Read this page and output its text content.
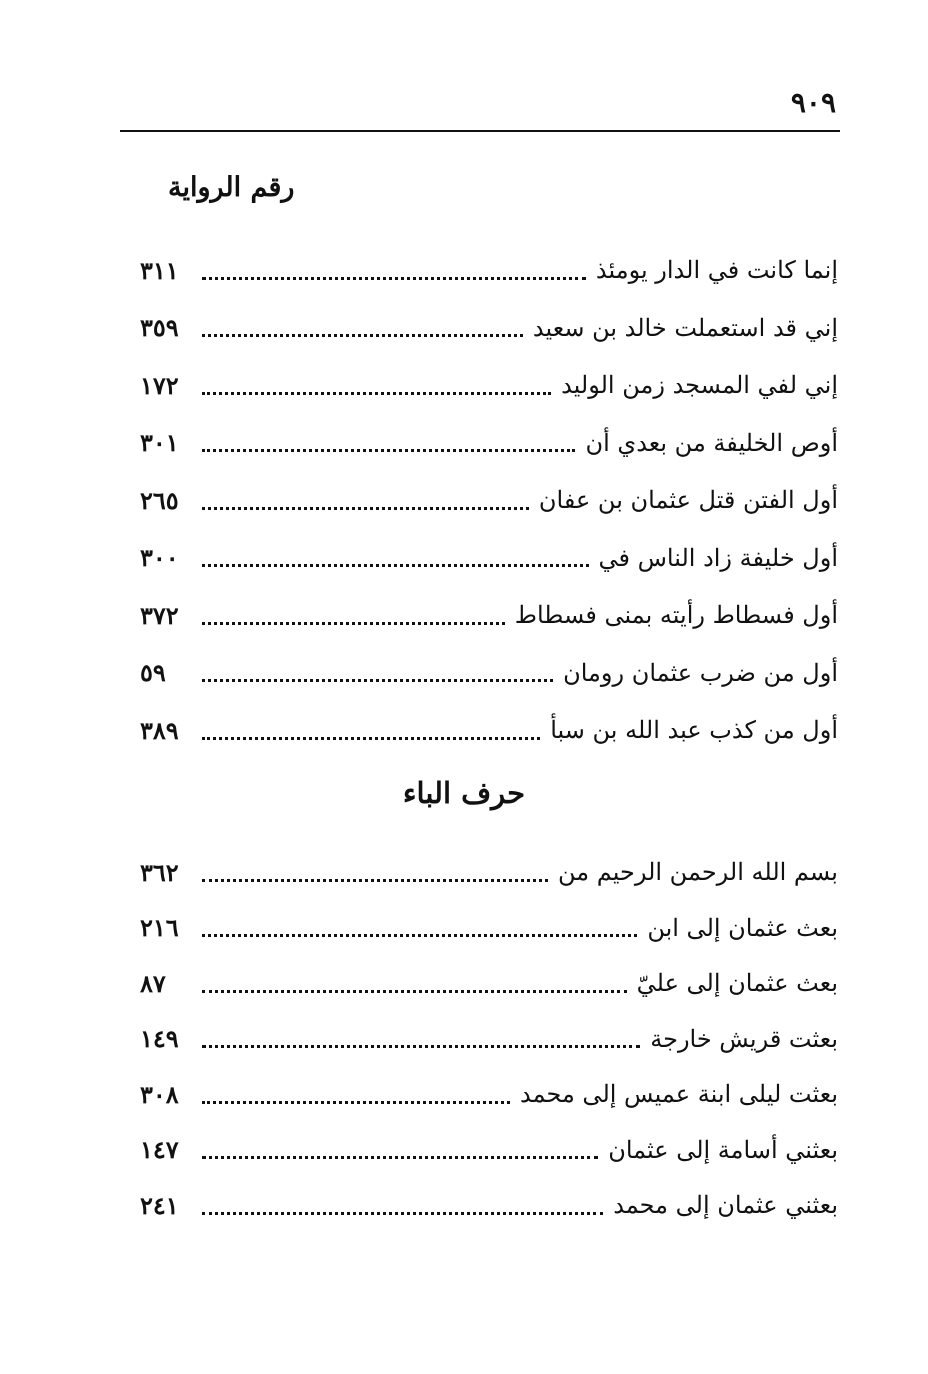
٩٠٩
رقم الرواية
إنما كانت في الدار يومئذ
٣١١
إني قد استعملت خالد بن سعيد
٣٥٩
إني لفي المسجد زمن الوليد
١٧٢
أوص الخليفة من بعدي أن
٣٠١
أول الفتن قتل عثمان بن عفان
٢٦٥
أول خليفة زاد الناس في
٣٠٠
أول فسطاط رأيته بمنى فسطاط
٣٧٢
أول من ضرب عثمان رومان
٥٩
أول من كذب عبد الله بن سبأ
٣٨٩
حرف الباء
بسم الله الرحمن الرحيم من
٣٦٢
بعث عثمان إلى ابن
٢١٦
بعث عثمان إلى عليّ
٨٧
بعثت قريش خارجة
١٤٩
بعثت ليلى ابنة عميس إلى محمد
٣٠٨
بعثني أسامة إلى عثمان
١٤٧
بعثني عثمان إلى محمد
٢٤١
